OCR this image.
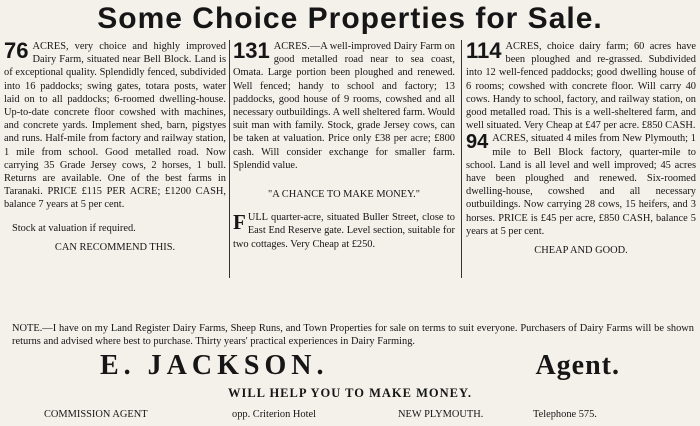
Some Choice Properties for Sale.
76 ACRES, very choice and highly improved Dairy Farm, situated near Bell Block. Land is of exceptional quality. Splendidly fenced, subdivided into 16 paddocks; swing gates, totara posts, water laid on to all paddocks; 6-roomed dwelling-house. Up-to-date concrete floor cowshed with machines, and concrete yards. Implement shed, barn, pigstyes and runs. Half-mile from factory and railway station, 1 mile from school. Good metalled road. Now carrying 35 Grade Jersey cows, 2 horses, 1 bull. Returns are available. One of the best farms in Taranaki. PRICE £115 PER ACRE; £1200 CASH, balance 7 years at 5 per cent.

Stock at valuation if required.

CAN RECOMMEND THIS.

131 ACRES.—A well-improved Dairy Farm on good metalled road near to sea coast, Omata. Large portion been ploughed and renewed. Well fenced; handy to school and factory; 13 paddocks, good house of 9 rooms, cowshed and all necessary outbuildings. A well sheltered farm. Would suit man with family. Stock, grade Jersey cows, can be taken at valuation. Price only £38 per acre; £800 cash. Will consider exchange for smaller farm. Splendid value.

"A CHANCE TO MAKE MONEY."

F ULL quarter-acre, situated Buller Street, close to East End Reserve gate. Level section, suitable for two cottages. Very Cheap at £250.

114 ACRES, choice dairy farm; 60 acres have been ploughed and re-grassed. Subdivided into 12 well-fenced paddocks; good dwelling house of 6 rooms; cowshed with concrete floor. Will carry 40 cows. Handy to school, factory, and railway station, on good metalled road. This is a well-sheltered farm, and well situated. Very Cheap at £47 per acre. £850 CASH.

94 ACRES, situated 4 miles from New Plymouth; 1 mile to Bell Block factory, quarter-mile to school. Land is all level and well improved; 45 acres have been ploughed and renewed. Six-roomed dwelling-house, cowshed and all necessary outbuildings. Now carrying 28 cows, 15 heifers, and 3 horses. PRICE is £45 per acre, £850 CASH, balance 5 years at 5 per cent.

CHEAP AND GOOD.

NOTE.—I have on my Land Register Dairy Farms, Sheep Runs, and Town Properties for sale on terms to suit everyone. Purchasers of Dairy Farms will be shown returns and advised where best to purchase. Thirty years' practical experiences in Dairy Farming.

E. JACKSON.	Agent.
WILL HELP YOU TO MAKE MONEY.
COMMISSION AGENT	opp. Criterion Hotel	NEW PLYMOUTH.	Telephone 575.
